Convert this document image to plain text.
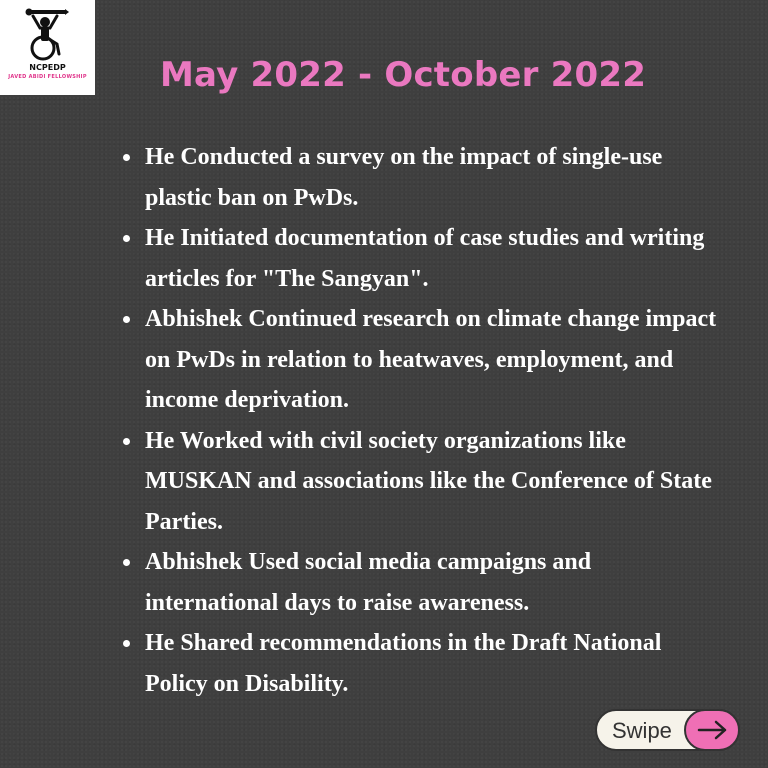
NCPEDP
JAVED ABIDI FELLOWSHIP May 2022 - October 2022
He Conducted a survey on the impact of single-use plastic ban on PwDs.
He Initiated documentation of case studies and writing articles for "The Sangyan".
Abhishek Continued research on climate change impact on PwDs in relation to heatwaves, employment, and income deprivation.
He Worked with civil society organizations like MUSKAN and associations like the Conference of State Parties.
Abhishek Used social media campaigns and international days to raise awareness.
He Shared recommendations in the Draft National Policy on Disability.
Swipe
